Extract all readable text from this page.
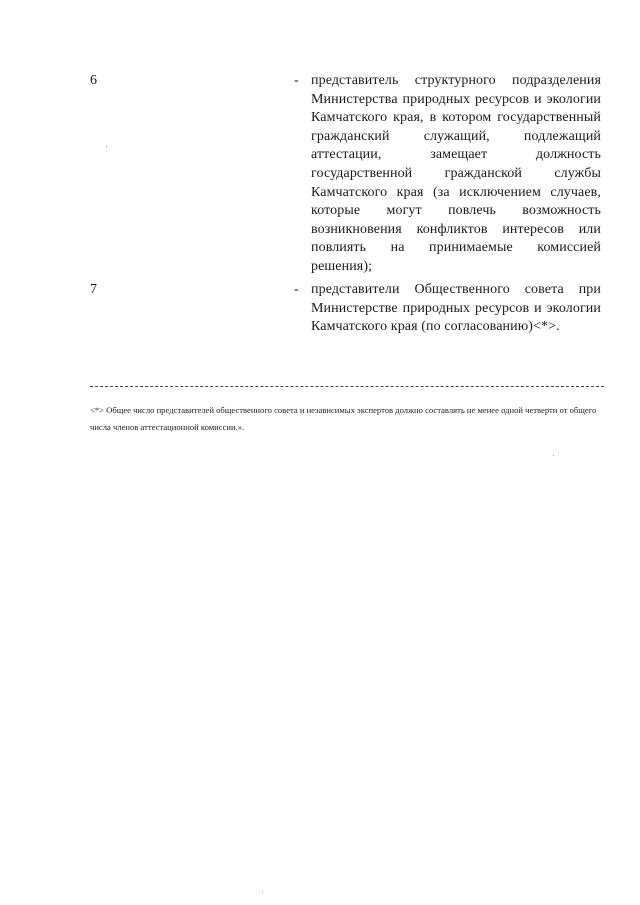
6	- представитель структурного подразделения Министерства природных ресурсов и экологии Камчатского края, в котором государственный гражданский служащий, подлежащий аттестации, замещает должность государственной гражданской службы Камчатского края (за исключением случаев, которые могут повлечь возможность возникновения конфликтов интересов или повлиять на принимаемые комиссией решения);
7	- представители Общественного совета при Министерстве природных ресурсов и экологии Камчатского края (по согласованию)<*>.
<*> Общее число представителей общественного совета и независимых экспертов должно составлять не менее одной четверти от общего числа членов аттестационной комиссии.».
